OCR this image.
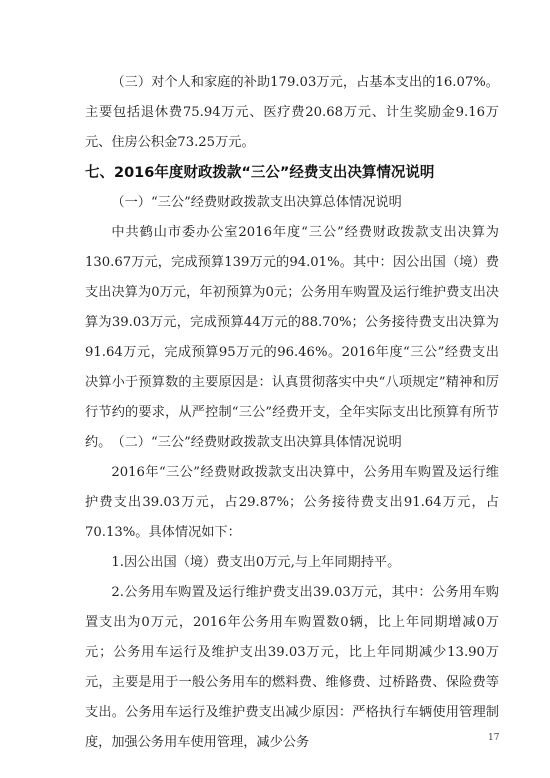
（三）对个人和家庭的补助179.03万元，占基本支出的16.07%。主要包括退休费75.94万元、医疗费20.68万元、计生奖励金9.16万元、住房公积金73.25万元。

七、2016年度财政拨款“三公”经费支出决算情况说明

（一）“三公”经费财政拨款支出决算总体情况说明

中共鹤山市委办公室2016年度“三公”经费财政拨款支出决算为130.67万元，完成预算139万元的94.01%。其中：因公出国（境）费支出决算为0万元，年初预算为0元；公务用车购置及运行维护费支出决算为39.03万元，完成预算44万元的88.70%；公务接待费支出决算为91.64万元，完成预算95万元的96.46%。2016年度“三公”经费支出决算小于预算数的主要原因是：认真贯彻落实中央“八项规定”精神和厉行节约的要求，从严控制“三公”经费开支，全年实际支出比预算有所节约。 （二）“三公”经费财政拨款支出决算具体情况说明

2016年“三公”经费财政拨款支出决算中，公务用车购置及运行维护费支出39.03万元，占29.87%；公务接待费支出91.64万元，占70.13%。具体情况如下：

1.因公出国（境）费支出0万元,与上年同期持平。

2.公务用车购置及运行维护费支出39.03万元，其中：公务用车购置支出为0万元，2016年公务用车购置数0辆，比上年同期增减0万元；公务用车运行及维护支出39.03万元，比上年同期减少13.90万元，主要是用于一般公务用车的燃料费、维修费、过桥路费、保险费等支出。公务用车运行及维护费支出减少原因：严格执行车辆使用管理制度，加强公务用车使用管理，减少公务	17
